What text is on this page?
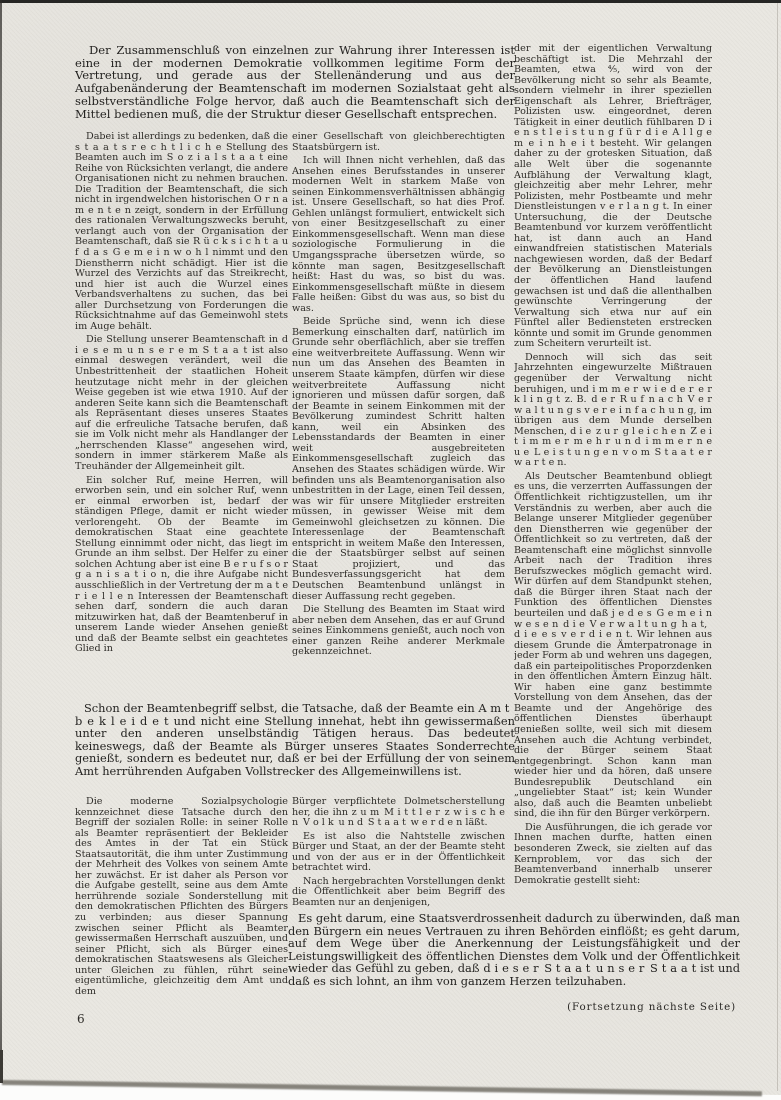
Der Zusammenschluß von einzelnen zur Wahrung ihrer Interessen ist eine in der modernen Demokratie vollkommen legitime Form der Vertretung, und gerade aus der Stellenänderung und aus der Aufgabenänderung der Beamtenschaft im modernen Sozialstaat geht als selbstverständliche Folge hervor, daß auch die Beamtenschaft sich der Mittel bedienen muß, die der Struktur dieser Gesellschaft entsprechen.

Dabei ist allerdings zu bedenken, daß die s t a a t s r e c h t l i c h e Stellung des Beamten auch im S o z i a l s t a a t eine Reihe von Rücksichten verlangt, die andere Organisationen nicht zu nehmen brauchen. Die Tradition der Beamtenschaft, die sich nicht in irgendwelchen historischen O r n a m e n t e n zeigt, sondern in der Erfüllung des rationalen Verwaltungszwecks beruht, verlangt auch von der Organisation der Beamtenschaft, daß sie R ü c k s i c h t a u f d a s G e m e i n w o h l nimmt und den Dienstherrn nicht schädigt. Hier ist die Wurzel des Verzichts auf das Streikrecht, und hier ist auch die Wurzel eines Verbandsverhaltens zu suchen, das bei aller Durchsetzung von Forderungen die Rücksichtnahme auf das Gemeinwohl stets im Auge behält.

Die Stellung unserer Beamtenschaft in d i e s e m u n s e r e m S t a a t ist also einmal deswegen verändert, weil die Unbestrittenheit der staatlichen Hoheit heutzutage nicht mehr in der gleichen Weise gegeben ist wie etwa 1910. Auf der anderen Seite kann sich die Beamtenschaft als Repräsentant dieses unseres Staates auf die erfreuliche Tatsache berufen, daß sie im Volk nicht mehr als Handlanger der „herrschenden Klasse“ angesehen wird, sondern in immer stärkerem Maße als Treuhänder der Allgemeinheit gilt.

Ein solcher Ruf, meine Herren, will erworben sein, und ein solcher Ruf, wenn er einmal erworben ist, bedarf der ständigen Pflege, damit er nicht wieder verlorengeht. Ob der Beamte im demokratischen Staat eine geachtete Stellung einnimmt oder nicht, das liegt im Grunde an ihm selbst. Der Helfer zu einer solchen Achtung aber ist eine B e r u f s o r g a n i s a t i o n, die ihre Aufgabe nicht ausschließlich in der Vertretung der m a t e r i e l l e n Interessen der Beamtenschaft sehen darf, sondern die auch daran mitzuwirken hat, daß der Beamtenberuf in unserem Lande wieder Ansehen genießt und daß der Beamte selbst ein geachtetes Glied in

einer Gesellschaft von gleichberechtigten Staatsbürgern ist.

Ich will Ihnen nicht verhehlen, daß das Ansehen eines Berufsstandes in unserer modernen Welt in starkem Maße von seinen Einkommensverhältnissen abhängig ist. Unsere Gesellschaft, so hat dies Prof. Gehlen unlängst formuliert, entwickelt sich von einer Besitzgesellschaft zu einer Einkommensgesellschaft. Wenn man diese soziologische Formulierung in die Umgangssprache übersetzen würde, so könnte man sagen, Besitzgesellschaft heißt: Hast du was, so bist du was. Einkommensgesellschaft müßte in diesem Falle heißen: Gibst du was aus, so bist du was.

Beide Sprüche sind, wenn ich diese Bemerkung einschalten darf, natürlich im Grunde sehr oberflächlich, aber sie treffen eine weitverbreitete Auffassung. Wenn wir nun um das Ansehen des Beamten in unserem Staate kämpfen, dürfen wir diese weitverbreitete Auffassung nicht ignorieren und müssen dafür sorgen, daß der Beamte in seinem Einkommen mit der Bevölkerung zumindest Schritt halten kann, weil ein Absinken des Lebensstandards der Beamten in einer weit ausgebreiteten Einkommensgesellschaft zugleich das Ansehen des Staates schädigen würde. Wir befinden uns als Beamtenorganisation also unbestritten in der Lage, einen Teil dessen, was wir für unsere Mitglieder erstreiten müssen, in gewisser Weise mit dem Gemeinwohl gleichsetzen zu können. Die Interessenlage der Beamtenschaft entspricht in weitem Maße den Interessen, die der Staatsbürger selbst auf seinen Staat projiziert, und das Bundesverfassungsgericht hat dem Deutschen Beamtenbund unlängst in dieser Auffassung recht gegeben.

Die Stellung des Beamten im Staat wird aber neben dem Ansehen, das er auf Grund seines Einkommens genießt, auch noch von einer ganzen Reihe anderer Merkmale gekennzeichnet.

der mit der eigentlichen Verwaltung beschäftigt ist. Die Mehrzahl der Beamten, etwa ⁴⁄₅, wird von der Bevölkerung nicht so sehr als Beamte, sondern vielmehr in ihrer speziellen Eigenschaft als Lehrer, Briefträger, Polizisten usw. eingeordnet, deren Tätigkeit in einer deutlich fühlbaren D i e n s t l e i s t u n g f ü r d i e A l l g e m e i n h e i t besteht. Wir gelangen daher zu der grotesken Situation, daß alle Welt über die sogenannte Aufblähung der Verwaltung klagt, gleichzeitig aber mehr Lehrer, mehr Polizisten, mehr Postbeamte und mehr Dienstleistungen v e r l a n g t. In einer Untersuchung, die der Deutsche Beamtenbund vor kurzem veröffentlicht hat, ist dann auch an Hand einwandfreien statistischen Materials nachgewiesen worden, daß der Bedarf der Bevölkerung an Dienstleistungen der öffentlichen Hand laufend gewachsen ist und daß die allenthalben gewünschte Verringerung der Verwaltung sich etwa nur auf ein Fünftel aller Bediensteten erstrecken könnte und somit im Grunde genommen zum Scheitern verurteilt ist.

Dennoch will sich das seit Jahrzehnten eingewurzelte Mißtrauen gegenüber der Verwaltung nicht beruhigen, und i m m e r w i e d e r e r k l i n g t z. B. d e r R u f n a c h V e r w a l t u n g s v e r e i n f a c h u n g, im übrigen aus dem Munde derselben Menschen, d i e z u r g l e i c h e n Z e i t i m m e r m e h r u n d i m m e r n e u e L e i s t u n g e n v o m S t a a t e r w a r t e n.

Als Deutscher Beamtenbund obliegt es uns, die verzerrten Auffassungen der Öffentlichkeit richtigzustellen, um ihr Verständnis zu werben, aber auch die Belange unserer Mitglieder gegenüber den Dienstherren wie gegenüber der Öffentlichkeit so zu vertreten, daß der Beamtenschaft eine möglichst sinnvolle Arbeit nach der Tradition ihres Berufszweckes möglich gemacht wird. Wir dürfen auf dem Standpunkt stehen, daß die Bürger ihren Staat nach der Funktion des öffentlichen Dienstes beurteilen und daß j e d e s G e m e i n w e s e n d i e V e r w a l t u n g h a t, d i e e s v e r d i e n t. Wir lehnen aus diesem Grunde die Ämterpatronage in jeder Form ab und wehren uns dagegen, daß ein parteipolitisches Proporzdenken in den öffentlichen Ämtern Einzug hält. Wir haben eine ganz bestimmte Vorstellung von dem Ansehen, das der Beamte und der Angehörige des öffentlichen Dienstes überhaupt genießen sollte, weil sich mit diesem Ansehen auch die Achtung verbindet, die der Bürger seinem Staat entgegenbringt. Schon kann man wieder hier und da hören, daß unsere Bundesrepublik Deutschland ein „ungeliebter Staat“ ist; kein Wunder also, daß auch die Beamten unbeliebt sind, die ihn für den Bürger verkörpern.

Die Ausführungen, die ich gerade vor Ihnen machen durfte, hatten einen besonderen Zweck, sie zielten auf das Kernproblem, vor das sich der Beamtenverband innerhalb unserer Demokratie gestellt sieht:

Schon der Beamtenbegriff selbst, die Tatsache, daß der Beamte ein A m t b e k l e i d e t und nicht eine Stellung innehat, hebt ihn gewissermaßen unter den anderen unselbständig Tätigen heraus. Das bedeutet keineswegs, daß der Beamte als Bürger unseres Staates Sonderrechte genießt, sondern es bedeutet nur, daß er bei der Erfüllung der von seinem Amt herrührenden Aufgaben Vollstrecker des Allgemeinwillens ist.

Die moderne Sozialpsychologie kennzeichnet diese Tatsache durch den Begriff der sozialen Rolle: in seiner Rolle als Beamter repräsentiert der Bekleider des Amtes in der Tat ein Stück Staatsautorität, die ihm unter Zustimmung der Mehrheit des Volkes von seinem Amte her zuwächst. Er ist daher als Person vor die Aufgabe gestellt, seine aus dem Amte herrührende soziale Sonderstellung mit den demokratischen Pflichten des Bürgers zu verbinden; aus dieser Spannung zwischen seiner Pflicht als Beamter gewissermaßen Herrschaft auszuüben, und seiner Pflicht, sich als Bürger eines demokratischen Staatswesens als Gleicher unter Gleichen zu fühlen, rührt seine eigentümliche, gleichzeitig dem Amt und dem

Bürger verpflichtete Dolmetscherstellung her, die ihn z u m M i t t l e r z w i s c h e n V o l k u n d S t a a t w e r d e n läßt.

Es ist also die Nahtstelle zwischen Bürger und Staat, an der der Beamte steht und von der aus er in der Öffentlichkeit betrachtet wird.

Nach hergebrachten Vorstellungen denkt die Öffentlichkeit aber beim Begriff des Beamten nur an denjenigen,

Es geht darum, eine Staatsverdrossenheit dadurch zu überwinden, daß man den Bürgern ein neues Vertrauen zu ihren Behörden einflößt; es geht darum, auf dem Wege über die Anerkennung der Leistungsfähigkeit und der Leistungswilligkeit des öffentlichen Dienstes dem Volk und der Öffentlichkeit wieder das Gefühl zu geben, daß d i e s e r S t a a t u n s e r S t a a t ist und daß es sich lohnt, an ihm von ganzem Herzen teilzuhaben.

(Fortsetzung nächste Seite)
6
